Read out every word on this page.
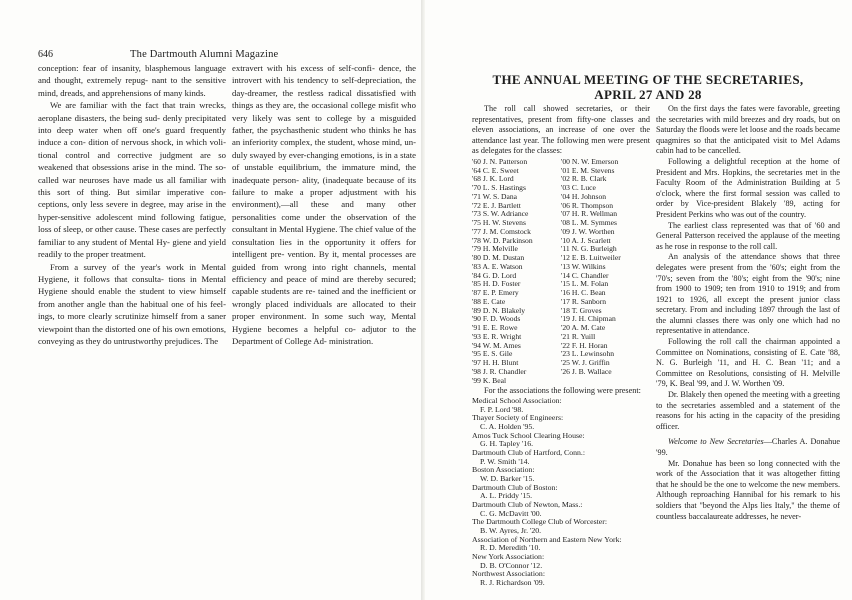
646	The Dartmouth Alumni Magazine

conception: fear of insanity, blasphemous language and thought, extremely repug- nant to the sensitive mind, dreads, and apprehensions of many kinds.

We are familiar with the fact that train wrecks, aeroplane disasters, the being sud- denly precipitated into deep water when off one's guard frequently induce a con- dition of nervous shock, in which voli- tional control and corrective judgment are so weakened that obsessions arise in the mind. The so-called war neuroses have made us all familiar with this sort of thing. But similar imperative con- ceptions, only less severe in degree, may arise in the hyper-sensitive adolescent mind following fatigue, loss of sleep, or other cause. These cases are perfectly familiar to any student of Mental Hy- giene and yield readily to the proper treatment.

From a survey of the year's work in Mental Hygiene, it follows that consulta- tions in Mental Hygiene should enable the student to view himself from another angle than the habitual one of his feel- ings, to more clearly scrutinize himself from a saner viewpoint than the distorted one of his own emotions, conveying as they do untrustworthy prejudices. The

extravert with his excess of self-confi- dence, the introvert with his tendency to self-depreciation, the day-dreamer, the restless radical dissatisfied with things as they are, the occasional college misfit who very likely was sent to college by a misguided father, the psychasthenic student who thinks he has an inferiority complex, the student, whose mind, un- duly swayed by ever-changing emotions, is in a state of unstable equilibrium, the immature mind, the inadequate person- ality, (inadequate because of its failure to make a proper adjustment with his environment),—all these and many other personalities come under the observation of the consultant in Mental Hygiene. The chief value of the consultation lies in the opportunity it offers for intelligent pre- vention. By it, mental processes are guided from wrong into right channels, mental efficiency and peace of mind are thereby secured; capable students are re- tained and the inefficient or wrongly placed individuals are allocated to their proper environment. In some such way, Mental Hygiene becomes a helpful co- adjutor to the Department of College Ad- ministration.

THE ANNUAL MEETING OF THE SECRETARIES,
APRIL 27 AND 28

The roll call showed secretaries, or their representatives, present from fifty-one classes and eleven associations, an increase of one over the attendance last year. The following men were present as delegates for the classes:

'60 J. N. Patterson
'64 C. E. Sweet
'68 J. K. Lord
'70 L. S. Hastings
'71 W. S. Dana
'72 E. J. Bartlett
'73 S. W. Adriance
'75 H. W. Stevens
'77 J. M. Comstock
'78 W. D. Parkinson
'79 H. Melville
'80 D. M. Dustan
'83 A. E. Watson
'84 G. D. Lord
'85 H. D. Foster
'87 E. P. Emery
'88 E. Cate
'89 D. N. Blakely
'90 F. D. Woods
'91 E. E. Rowe
'93 E. R. Wright
'94 W. M. Ames
'95 E. S. Gile
'97 H. H. Blunt
'98 J. R. Chandler
'99 K. Beal
'00 N. W. Emerson
'01 E. M. Stevens
'02 R. B. Clark
'03 C. Luce
'04 H. Johnson
'06 R. Thompson
'07 H. R. Wellman
'08 L. M. Symmes
'09 J. W. Worthen
'10 A. J. Scarlett
'11 N. G. Burleigh
'12 E. B. Luitweiler
'13 W. Wilkins
'14 C. Chandler
'15 L. M. Folan
'16 H. C. Bean
'17 R. Sanborn
'18 T. Groves
'19 J. H. Chipman
'20 A. M. Cate
'21 R. Yuill
'22 F. H. Horan
'23 L. Lewinsohn
'25 W. J. Griffin
'26 J. B. Wallace

For the associations the following were present:

Medical School Association:
F. P. Lord '98.
Thayer Society of Engineers:
C. A. Holden '95.
Amos Tuck School Clearing House:
G. H. Tapley '16.
Dartmouth Club of Hartford, Conn.:
P. W. Smith '14.
Boston Association:
W. D. Barker '15.
Dartmouth Club of Boston:
A. L. Priddy '15.
Dartmouth Club of Newton, Mass.:
C. G. McDavitt '00.
The Dartmouth College Club of Worcester:
B. W. Ayres, Jr. '20.
Association of Northern and Eastern New York:
R. D. Meredith '10.
New York Association:
D. B. O'Connor '12.
Northwest Association:
R. J. Richardson '09.

On the first days the fates were favorable, greeting the secretaries with mild breezes and dry roads, but on Saturday the floods were let loose and the roads became quagmires so that the anticipated visit to Mel Adams cabin had to be cancelled.

Following a delightful reception at the home of President and Mrs. Hopkins, the secretaries met in the Faculty Room of the Administration Building at 5 o'clock, where the first formal session was called to order by Vice-president Blakely '89, acting for President Perkins who was out of the country.

The earliest class represented was that of '60 and General Patterson received the applause of the meeting as he rose in response to the roll call.

An analysis of the attendance shows that three delegates were present from the '60's; eight from the '70's; seven from the '80's; eight from the '90's; nine from 1900 to 1909; ten from 1910 to 1919; and from 1921 to 1926, all except the present junior class secretary. From and including 1897 through the last of the alumni classes there was only one which had no representative in attendance.

Following the roll call the chairman appointed a Committee on Nominations, consisting of E. Cate '88, N. G. Burleigh '11, and H. C. Bean '11; and a Committee on Resolutions, consisting of H. Melville '79, K. Beal '99, and J. W. Worthen '09.

Dr. Blakely then opened the meeting with a greeting to the secretaries assembled and a statement of the reasons for his acting in the capacity of the presiding officer.

Welcome to New Secretaries—Charles A. Donahue '99.

Mr. Donahue has been so long connected with the work of the Association that it was altogether fitting that he should be the one to welcome the new members. Although reproaching Hannibal for his remark to his soldiers that "beyond the Alps lies Italy," the theme of countless baccalaureate addresses, he never-
